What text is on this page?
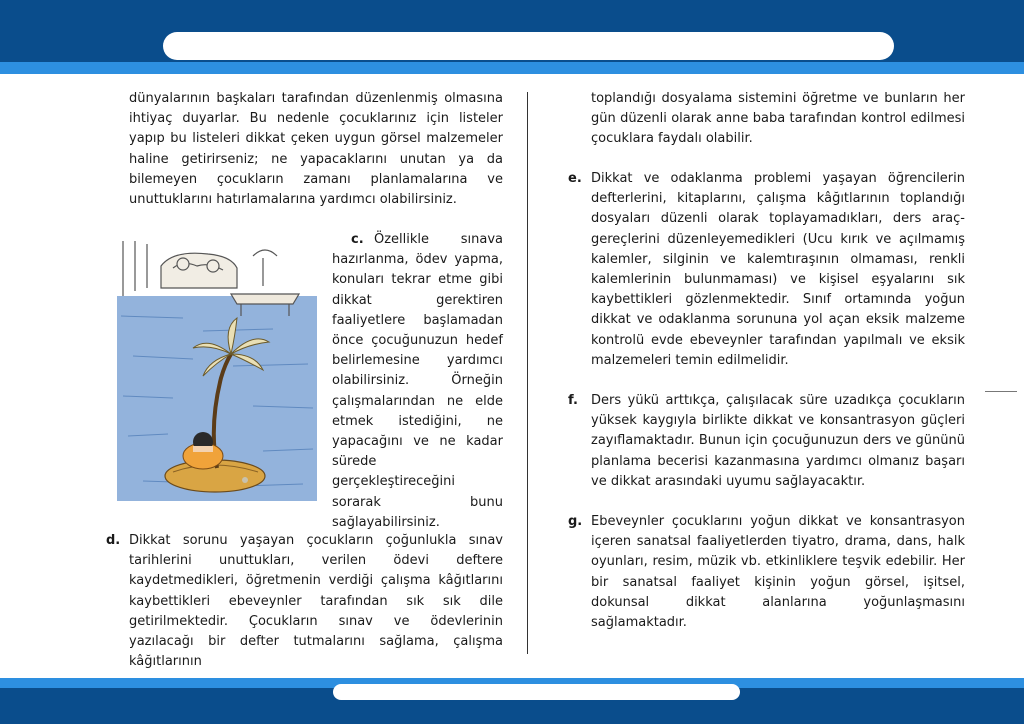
dünyalarının başkaları tarafından düzenlenmiş olmasına ihtiyaç duyarlar. Bu nedenle çocuklarınız için listeler yapıp bu listeleri dikkat çeken uygun görsel malzemeler haline getirirseniz; ne yapacaklarını unutan ya da bilemeyen çocukların zamanı planlamalarına ve unuttuklarını hatırlamalarına yardımcı olabilirsiniz.

c. Özellikle sınava hazırlanma, ödev yapma, konuları tekrar etme gibi dikkat gerektiren faaliyetlere başlamadan önce çocuğunuzun hedef belirlemesine yardımcı olabilirsiniz. Örneğin çalışmalarından ne elde etmek istediğini, ne yapacağını ve ne kadar sürede gerçekleştireceğini sorarak bunu sağlayabilirsiniz.

d. Dikkat sorunu yaşayan çocukların çoğunlukla sınav tarihlerini unuttukları, verilen ödevi deftere kaydetmedikleri, öğretmenin verdiği çalışma kâğıtlarını kaybettikleri ebeveynler tarafından sık sık dile getirilmektedir. Çocukların sınav ve ödevlerinin yazılacağı bir defter tutmalarını sağlama, çalışma kâğıtlarının

toplandığı dosyalama sistemini öğretme ve bunların her gün düzenli olarak anne baba tarafından kontrol edilmesi çocuklara faydalı olabilir.

e. Dikkat ve odaklanma problemi yaşayan öğrencilerin defterlerini, kitaplarını, çalışma kâğıtlarının toplandığı dosyaları düzenli olarak toplayamadıkları, ders araç-gereçlerini düzenleyemedikleri (Ucu kırık ve açılmamış kalemler, silginin ve kalemtıraşının olmaması, renkli kalemlerinin bulunmaması) ve kişisel eşyalarını sık kaybettikleri gözlenmektedir. Sınıf ortamında yoğun dikkat ve odaklanma sorununa yol açan eksik malzeme kontrolü evde ebeveynler tarafından yapılmalı ve eksik malzemeleri temin edilmelidir.

f. Ders yükü arttıkça, çalışılacak süre uzadıkça çocukların yüksek kaygıyla birlikte dikkat ve konsantrasyon güçleri zayıflamaktadır. Bunun için çocuğunuzun ders ve gününü planlama becerisi kazanmasına yardımcı olmanız başarı ve dikkat arasındaki uyumu sağlayacaktır.

g. Ebeveynler çocuklarını yoğun dikkat ve konsantrasyon içeren sanatsal faaliyetlerden tiyatro, drama, dans, halk oyunları, resim, müzik vb. etkinliklere teşvik edebilir. Her bir sanatsal faaliyet kişinin yoğun görsel, işitsel, dokunsal dikkat alanlarına yoğunlaşmasını sağlamaktadır.
